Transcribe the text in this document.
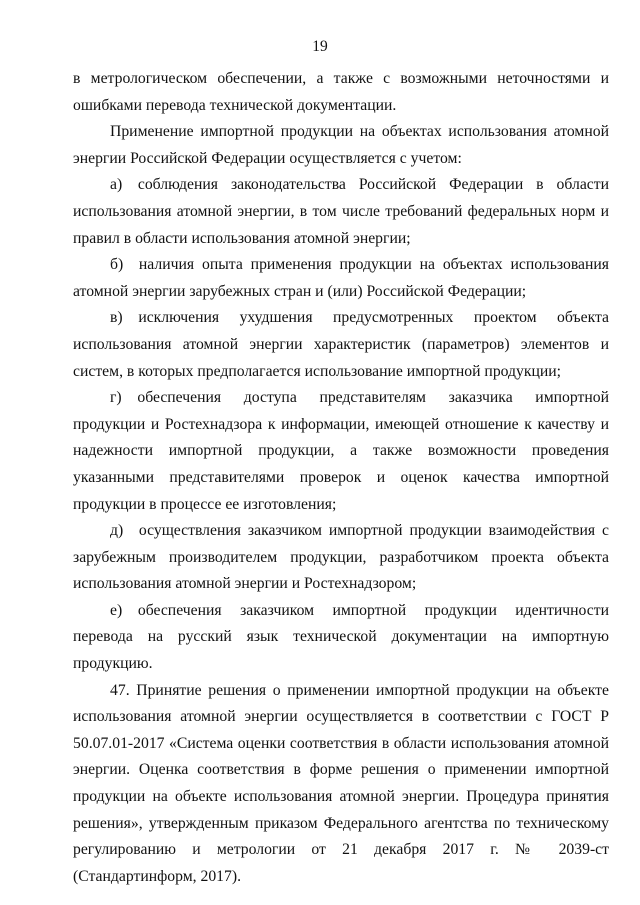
19

в метрологическом обеспечении, а также с возможными неточностями и ошибками перевода технической документации.

Применение импортной продукции на объектах использования атомной энергии Российской Федерации осуществляется с учетом:

а) соблюдения законодательства Российской Федерации в области использования атомной энергии, в том числе требований федеральных норм и правил в области использования атомной энергии;

б) наличия опыта применения продукции на объектах использования атомной энергии зарубежных стран и (или) Российской Федерации;

в) исключения ухудшения предусмотренных проектом объекта использования атомной энергии характеристик (параметров) элементов и систем, в которых предполагается использование импортной продукции;

г) обеспечения доступа представителям заказчика импортной продукции и Ростехнадзора к информации, имеющей отношение к качеству и надежности импортной продукции, а также возможности проведения указанными представителями проверок и оценок качества импортной продукции в процессе ее изготовления;

д) осуществления заказчиком импортной продукции взаимодействия с зарубежным производителем продукции, разработчиком проекта объекта использования атомной энергии и Ростехнадзором;

е) обеспечения заказчиком импортной продукции идентичности перевода на русский язык технической документации на импортную продукцию.

47. Принятие решения о применении импортной продукции на объекте использования атомной энергии осуществляется в соответствии с ГОСТ Р 50.07.01-2017 «Система оценки соответствия в области использования атомной энергии. Оценка соответствия в форме решения о применении импортной продукции на объекте использования атомной энергии. Процедура принятия решения», утвержденным приказом Федерального агентства по техническому регулированию и метрологии от 21 декабря 2017 г. № 2039-ст (Стандартинформ, 2017).
